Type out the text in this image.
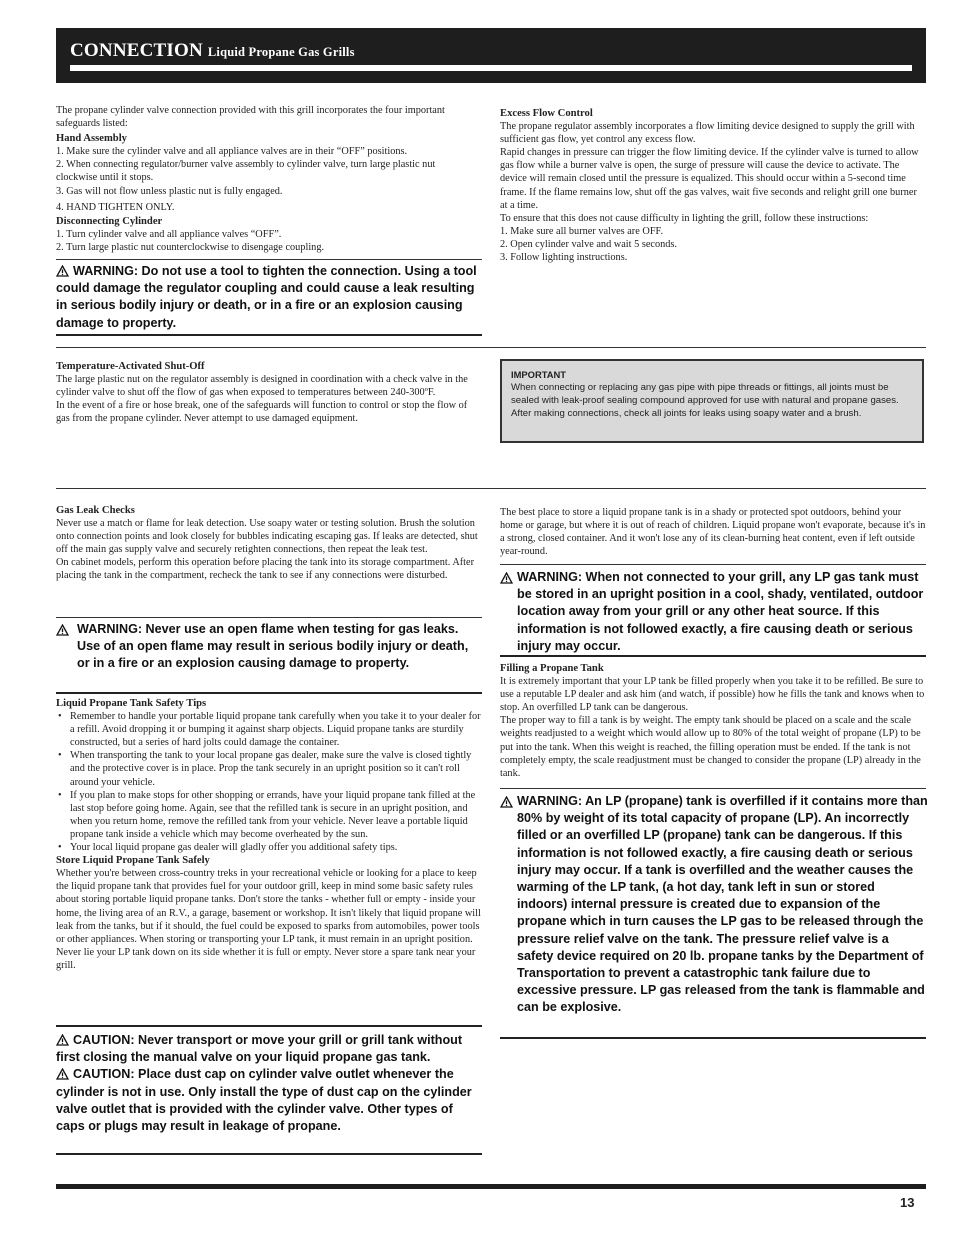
CONNECTION Liquid Propane Gas Grills

The propane cylinder valve connection provided with this grill incorporates the four important safeguards listed:

Hand Assembly

1. Make sure the cylinder valve and all appliance valves are in their “OFF” positions.

2. When connecting regulator/burner valve assembly to cylinder valve, turn large plastic nut clockwise until it stops.

3. Gas will not flow unless plastic nut is fully engaged.

4. HAND TIGHTEN ONLY.

Disconnecting Cylinder

1. Turn cylinder valve and all appliance valves “OFF”.

2. Turn large plastic nut counterclockwise to disengage coupling.

WARNING: Do not use a tool to tighten the connection. Using a tool could damage the regulator coupling and could cause a leak resulting in serious bodily injury or death, or in a fire or an explosion causing damage to property.
Excess Flow Control

The propane regulator assembly incorporates a flow limiting device designed to supply the grill with sufficient gas flow, yet control any excess flow.

Rapid changes in pressure can trigger the flow limiting device. If the cylinder valve is turned to allow gas flow while a burner valve is open, the surge of pressure will cause the device to activate. The device will remain closed until the pressure is equalized. This should occur within a 5-second time frame. If the flame remains low, shut off the gas valves, wait five seconds and relight grill one burner at a time.

To ensure that this does not cause difficulty in lighting the grill, follow these instructions:

1. Make sure all burner valves are OFF.

2. Open cylinder valve and wait 5 seconds.

3. Follow lighting instructions.

Temperature-Activated Shut-Off

The large plastic nut on the regulator assembly is designed in coordination with a check valve in the cylinder valve to shut off the flow of gas when exposed to temperatures between 240-300ºF.

In the event of a fire or hose break, one of the safeguards will function to control or stop the flow of gas from the propane cylinder. Never attempt to use damaged equipment.

IMPORTANT
When connecting or replacing any gas pipe with pipe threads or fittings, all joints must be sealed with leak-proof sealing compound approved for use with natural and propane gases. After making connections, check all joints for leaks using soapy water and a brush.
Gas Leak Checks

Never use a match or flame for leak detection. Use soapy water or testing solution. Brush the solution onto connection points and look closely for bubbles indicating escaping gas. If leaks are detected, shut off the main gas supply valve and securely retighten connections, then repeat the leak test.

On cabinet models, perform this operation before placing the tank into its storage compartment. After placing the tank in the compartment, recheck the tank to see if any connections were disturbed.

WARNING: Never use an open flame when testing for gas leaks. Use of an open flame may result in serious bodily injury or death, or in a fire or an explosion causing damage to property.
Liquid Propane Tank Safety Tips
• Remember to handle your portable liquid propane tank carefully when you take it to your dealer for a refill. Avoid dropping it or bumping it against sharp objects. Liquid propane tanks are sturdily constructed, but a series of hard jolts could damage the container.
• When transporting the tank to your local propane gas dealer, make sure the valve is closed tightly and the protective cover is in place. Prop the tank securely in an upright position so it can't roll around your vehicle.
• If you plan to make stops for other shopping or errands, have your liquid propane tank filled at the last stop before going home. Again, see that the refilled tank is secure in an upright position, and when you return home, remove the refilled tank from your vehicle. Never leave a portable liquid propane tank inside a vehicle which may become overheated by the sun.
• Your local liquid propane gas dealer will gladly offer you additional safety tips.
Store Liquid Propane Tank Safely

Whether you're between cross-country treks in your recreational vehicle or looking for a place to keep the liquid propane tank that provides fuel for your outdoor grill, keep in mind some basic safety rules about storing portable liquid propane tanks. Don't store the tanks - whether full or empty - inside your home, the living area of an R.V., a garage, basement or workshop. It isn't likely that liquid propane will leak from the tanks, but if it should, the fuel could be exposed to sparks from automobiles, power tools or other appliances. When storing or transporting your LP tank, it must remain in an upright position. Never lie your LP tank down on its side whether it is full or empty. Never store a spare tank near your grill.

CAUTION: Never transport or move your grill or grill tank without first closing the manual valve on your liquid propane gas tank.
CAUTION: Place dust cap on cylinder valve outlet whenever the cylinder is not in use. Only install the type of dust cap on the cylinder valve outlet that is provided with the cylinder valve. Other types of caps or plugs may result in leakage of propane.

The best place to store a liquid propane tank is in a shady or protected spot outdoors, behind your home or garage, but where it is out of reach of children. Liquid propane won't evaporate, because it's in a strong, closed container. And it won't lose any of its clean-burning heat content, even if left outside year-round.

WARNING: When not connected to your grill, any LP gas tank must be stored in an upright position in a cool, shady, ventilated, outdoor location away from your grill or any other heat source. If this information is not followed exactly, a fire causing death or serious injury may occur.
Filling a Propane Tank

It is extremely important that your LP tank be filled properly when you take it to be refilled. Be sure to use a reputable LP dealer and ask him (and watch, if possible) how he fills the tank and knows when to stop. An overfilled LP tank can be dangerous.

The proper way to fill a tank is by weight. The empty tank should be placed on a scale and the scale weights readjusted to a weight which would allow up to 80% of the total weight of propane (LP) to be put into the tank. When this weight is reached, the filling operation must be ended. If the tank is not completely empty, the scale readjustment must be changed to consider the propane (LP) already in the tank.

WARNING: An LP (propane) tank is overfilled if it contains more than 80% by weight of its total capacity of propane (LP). An incorrectly filled or an overfilled LP (propane) tank can be dangerous. If this information is not followed exactly, a fire causing death or serious injury may occur. If a tank is overfilled and the weather causes the warming of the LP tank, (a hot day, tank left in sun or stored indoors) internal pressure is created due to expansion of the propane which in turn causes the LP gas to be released through the pressure relief valve on the tank. The pressure relief valve is a safety device required on 20 lb. propane tanks by the Department of Transportation to prevent a catastrophic tank failure due to excessive pressure. LP gas released from the tank is flammable and can be explosive.
13
